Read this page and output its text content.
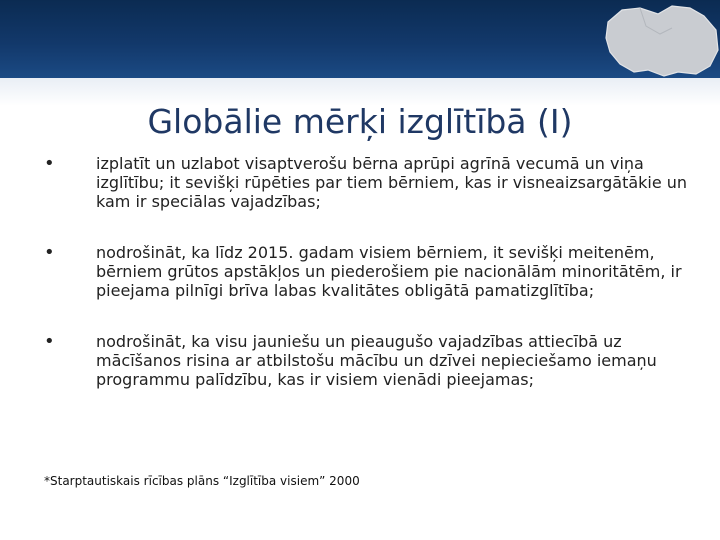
Globālie mērķi izglītībā (I)
•	izplatīt un uzlabot visaptverošu bērna aprūpi agrīnā vecumā un viņa izglītību; it sevišķi rūpēties par tiem bērniem, kas ir visneaizsargātākie un kam ir speciālas vajadzības;
•	nodrošināt, ka līdz 2015. gadam visiem bērniem, it sevišķi meitenēm, bērniem grūtos apstākļos un piederošiem pie nacionālām minoritātēm, ir pieejama pilnīgi brīva labas kvalitātes obligātā pamatizglītība;
•	nodrošināt, ka visu jauniešu un pieaugušo vajadzības attiecībā uz mācīšanos risina ar atbilstošu mācību un dzīvei nepieciešamo iemaņu programmu palīdzību, kas ir visiem vienādi pieejamas;
*Starptautiskais rīcības plāns “Izglītība visiem” 2000
